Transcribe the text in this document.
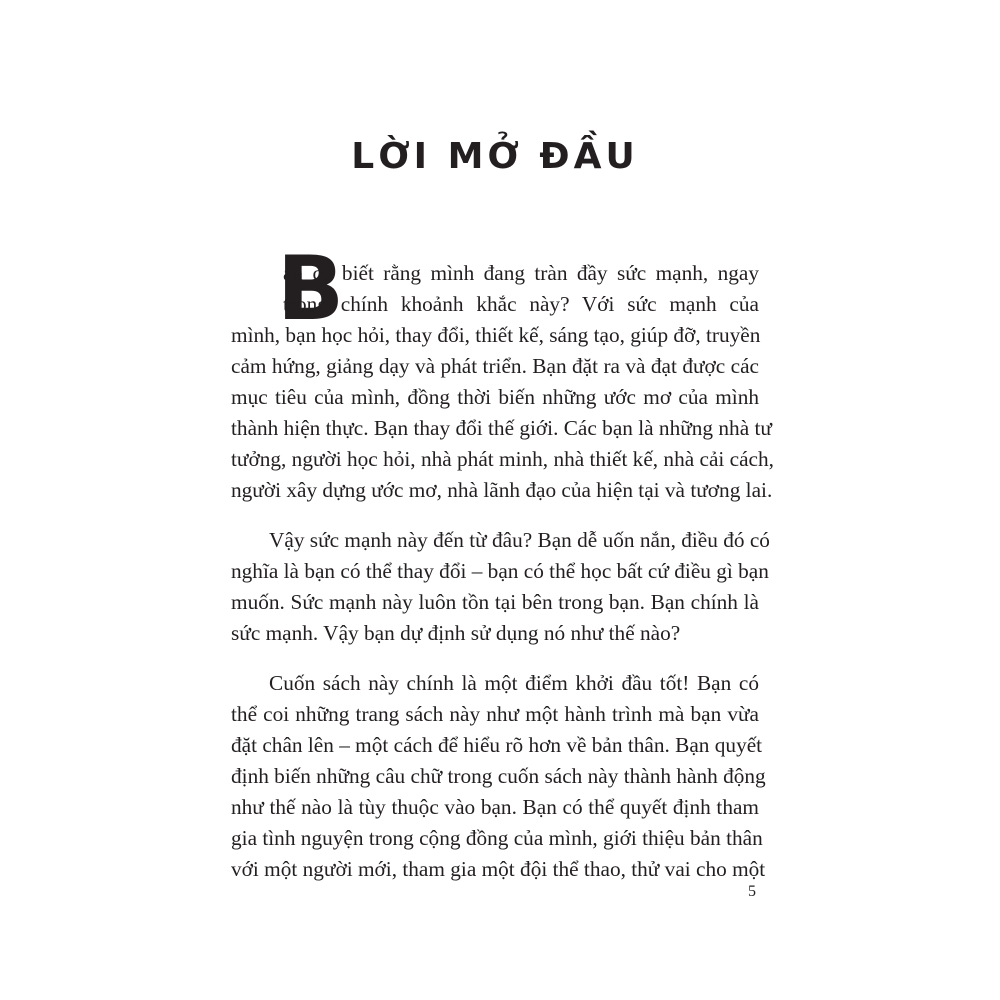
LỜI MỞ ĐẦU
B
ạn có biết rằng mình đang tràn đầy sức mạnh, ngay
trong chính khoảnh khắc này? Với sức mạnh của
mình, bạn học hỏi, thay đổi, thiết kế, sáng tạo, giúp đỡ, truyền
cảm hứng, giảng dạy và phát triển. Bạn đặt ra và đạt được các
mục tiêu của mình, đồng thời biến những ước mơ của mình
thành hiện thực. Bạn thay đổi thế giới. Các bạn là những nhà tư
tưởng, người học hỏi, nhà phát minh, nhà thiết kế, nhà cải cách,
người xây dựng ước mơ, nhà lãnh đạo của hiện tại và tương lai.
Vậy sức mạnh này đến từ đâu? Bạn dễ uốn nắn, điều đó có
nghĩa là bạn có thể thay đổi – bạn có thể học bất cứ điều gì bạn
muốn. Sức mạnh này luôn tồn tại bên trong bạn. Bạn chính là
sức mạnh. Vậy bạn dự định sử dụng nó như thế nào?
Cuốn sách này chính là một điểm khởi đầu tốt! Bạn có
thể coi những trang sách này như một hành trình mà bạn vừa
đặt chân lên – một cách để hiểu rõ hơn về bản thân. Bạn quyết
định biến những câu chữ trong cuốn sách này thành hành động
như thế nào là tùy thuộc vào bạn. Bạn có thể quyết định tham
gia tình nguyện trong cộng đồng của mình, giới thiệu bản thân
với một người mới, tham gia một đội thể thao, thử vai cho một
5
